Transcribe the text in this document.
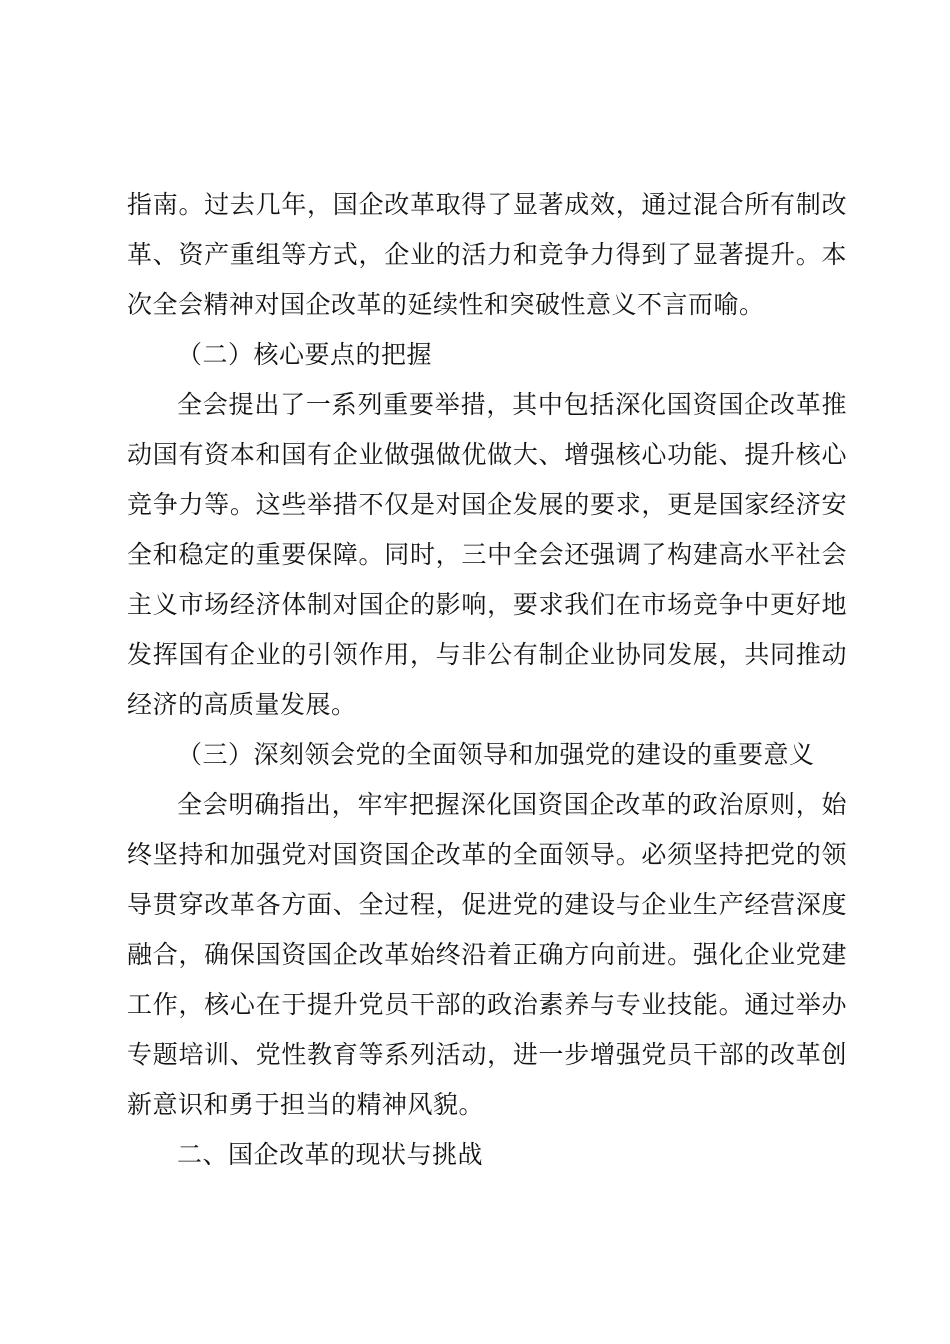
指南。过去几年，国企改革取得了显著成效，通过混合所有制改革、资产重组等方式，企业的活力和竞争力得到了显著提升。本次全会精神对国企改革的延续性和突破性意义不言而喻。

（二）核心要点的把握

全会提出了一系列重要举措，其中包括深化国资国企改革推动国有资本和国有企业做强做优做大、增强核心功能、提升核心竞争力等。这些举措不仅是对国企发展的要求，更是国家经济安全和稳定的重要保障。同时，三中全会还强调了构建高水平社会主义市场经济体制对国企的影响，要求我们在市场竞争中更好地发挥国有企业的引领作用，与非公有制企业协同发展，共同推动经济的高质量发展。

（三）深刻领会党的全面领导和加强党的建设的重要意义

全会明确指出，牢牢把握深化国资国企改革的政治原则，始终坚持和加强党对国资国企改革的全面领导。必须坚持把党的领导贯穿改革各方面、全过程，促进党的建设与企业生产经营深度融合，确保国资国企改革始终沿着正确方向前进。强化企业党建工作，核心在于提升党员干部的政治素养与专业技能。通过举办专题培训、党性教育等系列活动，进一步增强党员干部的改革创新意识和勇于担当的精神风貌。

二、国企改革的现状与挑战
